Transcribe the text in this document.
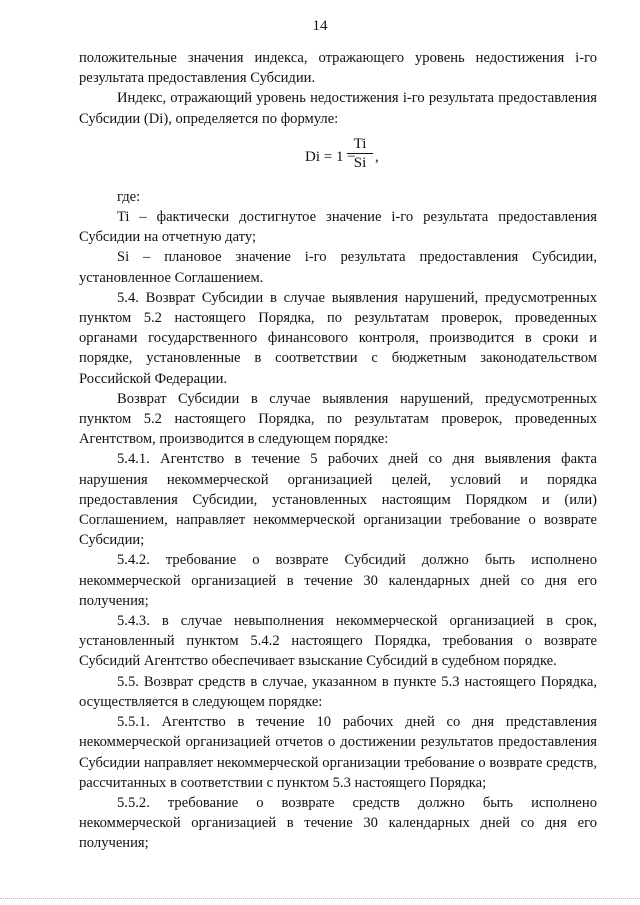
14

положительные значения индекса, отражающего уровень недостижения i-го результата предоставления Субсидии.

Индекс, отражающий уровень недостижения i-го результата предоставления Субсидии (Di), определяется по формуле:

Di = 1 −
$\frac{Ti}{Si}$ ,

где:

Ti – фактически достигнутое значение i-го результата предоставления Субсидии на отчетную дату;

Si – плановое значение i-го результата предоставления Субсидии, установленное Соглашением.

5.4. Возврат Субсидии в случае выявления нарушений, предусмотренных пунктом 5.2 настоящего Порядка, по результатам проверок, проведенных органами государственного финансового контроля, производится в сроки и порядке, установленные в соответствии с бюджетным законодательством Российской Федерации.

Возврат Субсидии в случае выявления нарушений, предусмотренных пунктом 5.2 настоящего Порядка, по результатам проверок, проведенных Агентством, производится в следующем порядке:

5.4.1. Агентство в течение 5 рабочих дней со дня выявления факта нарушения некоммерческой организацией целей, условий и порядка предоставления Субсидии, установленных настоящим Порядком и (или) Соглашением, направляет некоммерческой организации требование о возврате Субсидии;

5.4.2. требование о возврате Субсидий должно быть исполнено некоммерческой организацией в течение 30 календарных дней со дня его получения;

5.4.3. в случае невыполнения некоммерческой организацией в срок, установленный пунктом 5.4.2 настоящего Порядка, требования о возврате Субсидий Агентство обеспечивает взыскание Субсидий в судебном порядке.

5.5. Возврат средств в случае, указанном в пункте 5.3 настоящего Порядка, осуществляется в следующем порядке:

5.5.1. Агентство в течение 10 рабочих дней со дня представления некоммерческой организацией отчетов о достижении результатов предоставления Субсидии направляет некоммерческой организации требование о возврате средств, рассчитанных в соответствии с пунктом 5.3 настоящего Порядка;

5.5.2. требование о возврате средств должно быть исполнено некоммерческой организацией в течение 30 календарных дней со дня его получения;
